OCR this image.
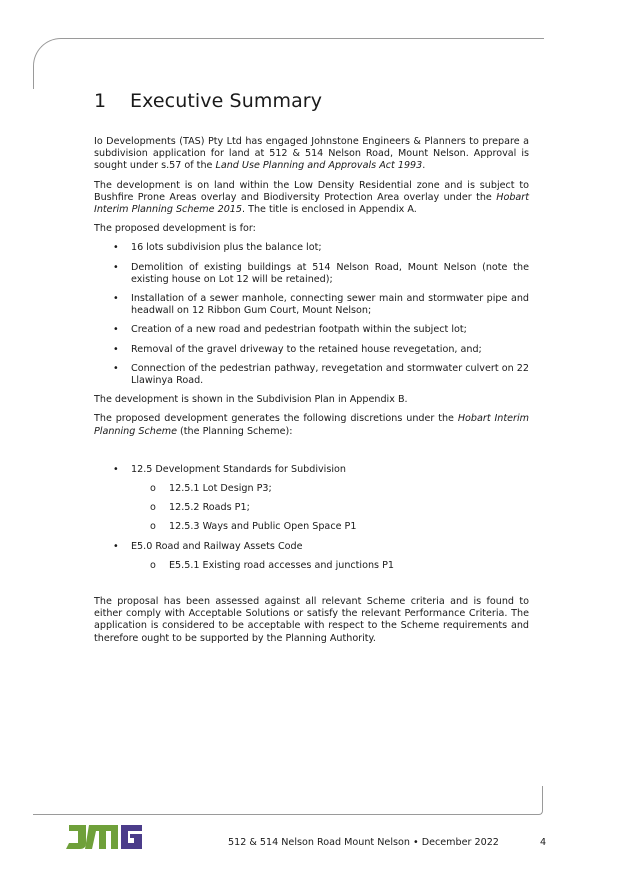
1 Executive Summary

Io Developments (TAS) Pty Ltd has engaged Johnstone Engineers & Planners to prepare a subdivision application for land at 512 & 514 Nelson Road, Mount Nelson. Approval is sought under s.57 of the Land Use Planning and Approvals Act 1993.

The development is on land within the Low Density Residential zone and is subject to Bushfire Prone Areas overlay and Biodiversity Protection Area overlay under the Hobart Interim Planning Scheme 2015. The title is enclosed in Appendix A.

The proposed development is for:

• 16 lots subdivision plus the balance lot;
• Demolition of existing buildings at 514 Nelson Road, Mount Nelson (note the existing house on Lot 12 will be retained);
• Installation of a sewer manhole, connecting sewer main and stormwater pipe and headwall on 12 Ribbon Gum Court, Mount Nelson;
• Creation of a new road and pedestrian footpath within the subject lot;
• Removal of the gravel driveway to the retained house revegetation, and;
• Connection of the pedestrian pathway, revegetation and stormwater culvert on 22 Llawinya Road.

The development is shown in the Subdivision Plan in Appendix B.

The proposed development generates the following discretions under the Hobart Interim Planning Scheme (the Planning Scheme):

• 12.5 Development Standards for Subdivision
o 12.5.1 Lot Design P3;
o 12.5.2 Roads P1;
o 12.5.3 Ways and Public Open Space P1
• E5.0 Road and Railway Assets Code
o E5.5.1 Existing road accesses and junctions P1

The proposal has been assessed against all relevant Scheme criteria and is found to either comply with Acceptable Solutions or satisfy the relevant Performance Criteria. The application is considered to be acceptable with respect to the Scheme requirements and therefore ought to be supported by the Planning Authority.

512 & 514 Nelson Road Mount Nelson • December 2022	4
